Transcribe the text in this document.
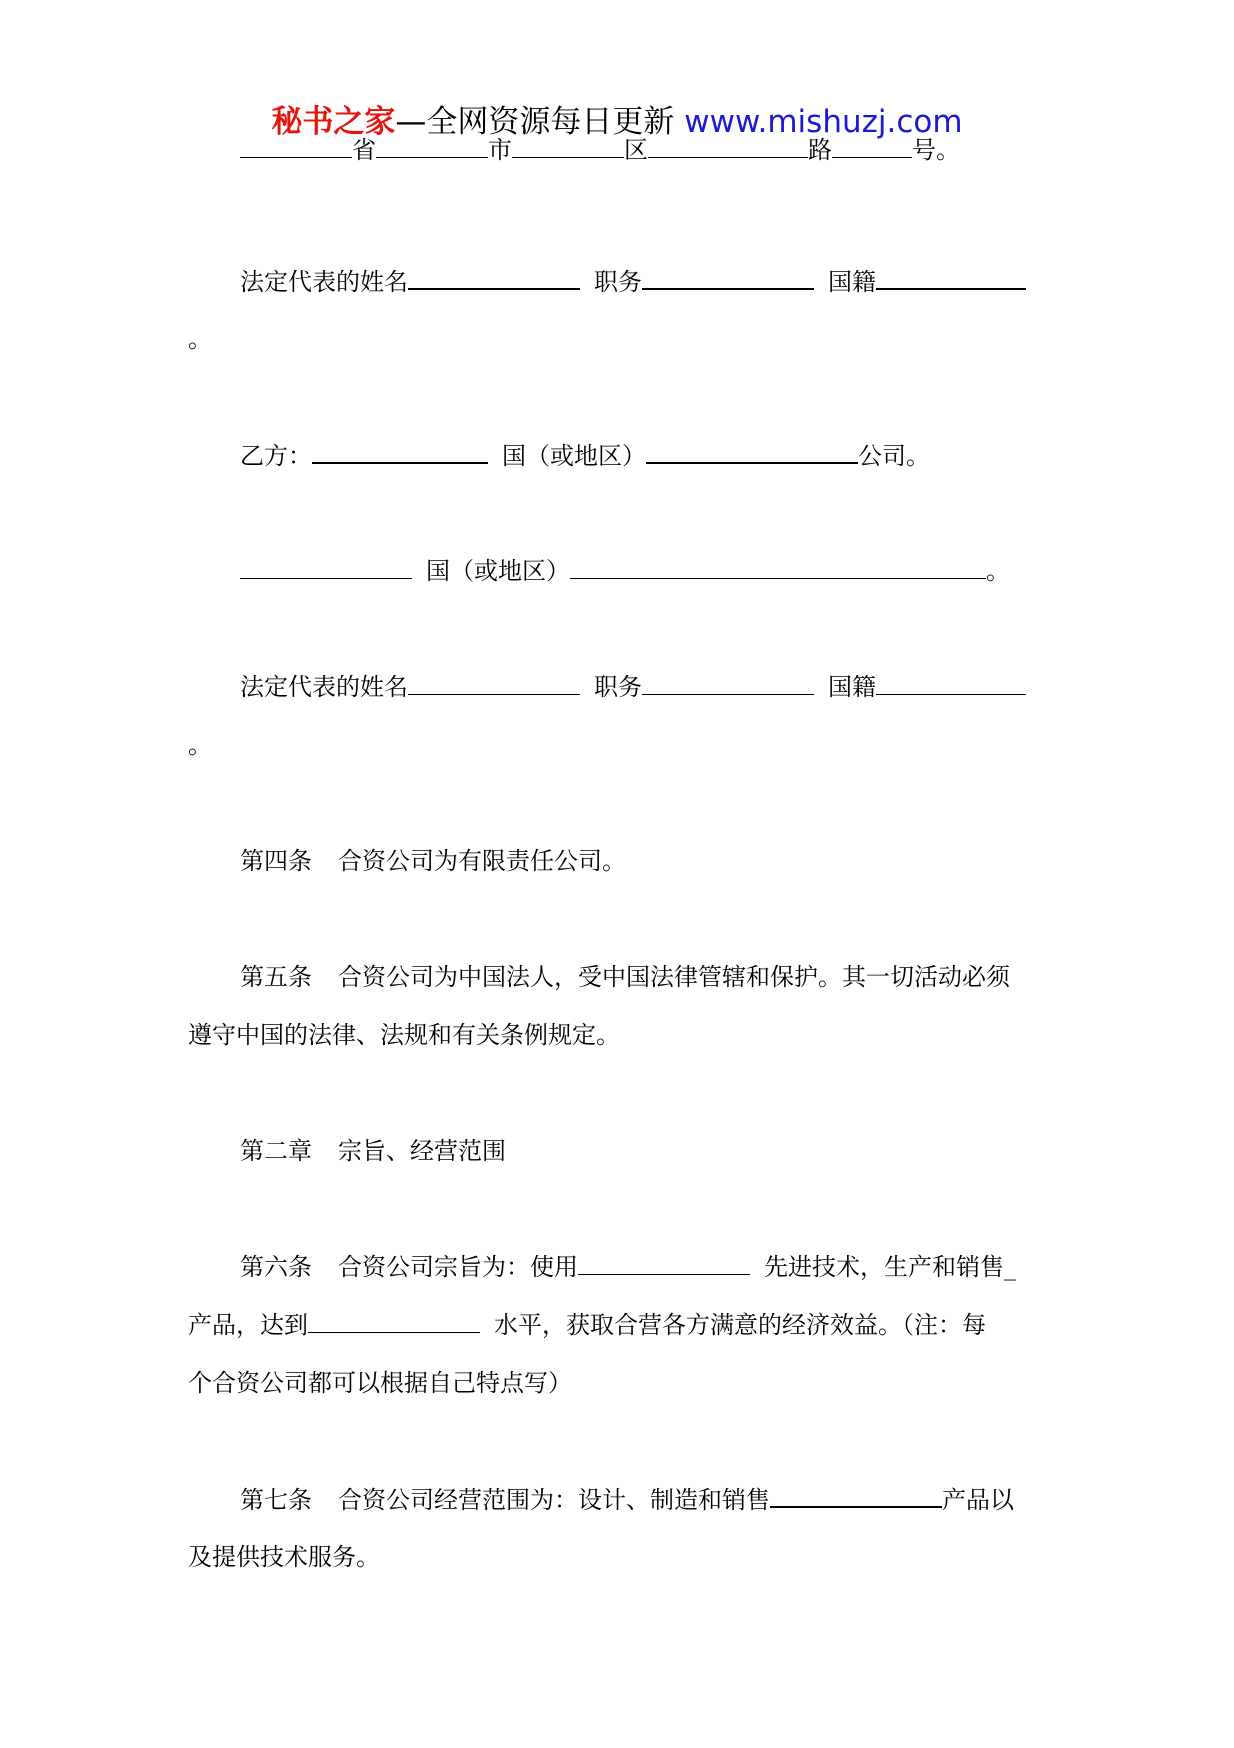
秘书之家—全网资源每日更新 www.mishuzj.com
省	市	区	路	号。
法定代表的姓名	职务	国籍
。
乙方：	国（或地区）	公司。
国（或地区）	。
法定代表的姓名	职务	国籍
。
第四条 合资公司为有限责任公司。
第五条 合资公司为中国法人，受中国法律管辖和保护。其一切活动必须
遵守中国的法律、法规和有关条例规定。
第二章 宗旨、经营范围
第六条 合资公司宗旨为：使用	先进技术，生产和销售_
产品，达到	水平，获取合营各方满意的经济效益。（注：每
个合资公司都可以根据自己特点写）
第七条 合资公司经营范围为：设计、制造和销售	产品以
及提供技术服务。
